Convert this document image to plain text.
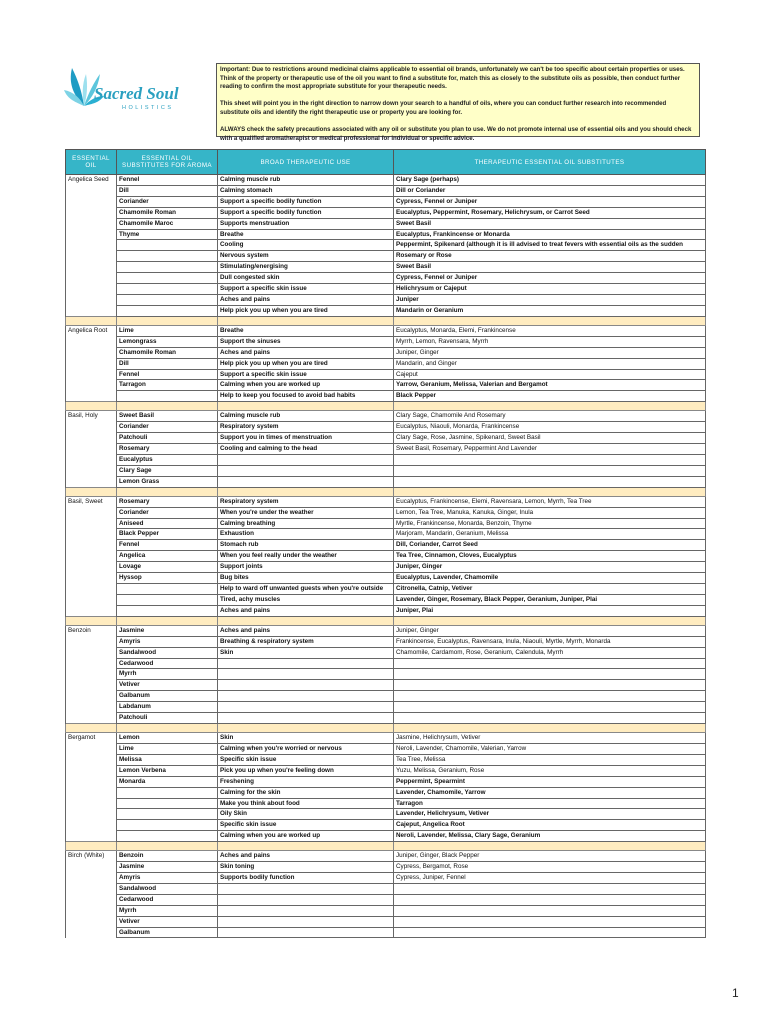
Sacred Soul
HOLISTICS

Important: Due to restrictions around medicinal claims applicable to essential oil brands, unfortunately we can't be too specific about certain properties or uses. Think of the property or therapeutic use of the oil you want to find a substitute for, match this as closely to the substitute oils as possible, then conduct further reading to confirm the most appropriate substitute for your therapeutic needs.

This sheet will point you in the right direction to narrow down your search to a handful of oils, where you can conduct further research into recommended substitute oils and identify the right therapeutic use or property you are looking for.

ALWAYS check the safety precautions associated with any oil or substitute you plan to use. We do not promote internal use of essential oils and you should check with a qualified aromatherapist or medical professional for individual or specific advice.

ESSENTIAL OIL	ESSENTIAL OIL SUBSTITUTES FOR AROMA	BROAD THERAPEUTIC USE	THERAPEUTIC ESSENTIAL OIL SUBSTITUTES
Angelica Seed	Fennel	Calming muscle rub	Clary Sage (perhaps)
	Dill	Calming stomach	Dill or Coriander
	Coriander	Support a specific bodily function	Cypress, Fennel or Juniper
	Chamomile Roman	Support a specific bodily function	Eucalyptus, Peppermint, Rosemary, Helichrysum, or Carrot Seed
	Chamomile Maroc	Supports menstruation	Sweet Basil
	Thyme	Breathe	Eucalyptus, Frankincense or Monarda
		Cooling	Peppermint, Spikenard (although it is ill advised to treat fevers with essential oils as the sudden
		Nervous system	Rosemary or Rose
		Stimulating/energising	Sweet Basil
		Dull congested skin	Cypress, Fennel or Juniper
		Support a specific skin issue	Helichrysum or Cajeput
		Aches and pains	Juniper
		Help pick you up when you are tired	Mandarin or Geranium

Angelica Root	Lime	Breathe	Eucalyptus, Monarda, Elemi, Frankincense
	Lemongrass	Support the sinuses	Myrrh, Lemon, Ravensara, Myrrh
	Chamomile Roman	Aches and pains	Juniper, Ginger
	Dill	Help pick you up when you are tired	Mandarin, and Ginger
	Fennel	Support a specific skin issue	Cajeput
	Tarragon	Calming when you are worked up	Yarrow, Geranium, Melissa, Valerian and Bergamot
		Help to keep you focused to avoid bad habits	Black Pepper

Basil, Holy	Sweet Basil	Calming muscle rub	Clary Sage, Chamomile And Rosemary
	Coriander	Respiratory system	Eucalyptus, Niaouli, Monarda, Frankincense
	Patchouli	Support you in times of menstruation	Clary Sage, Rose, Jasmine, Spikenard, Sweet Basil
	Rosemary	Cooling and calming to the head	Sweet Basil, Rosemary, Peppermint And Lavender
	Eucalyptus		
	Clary Sage		
	Lemon Grass		

Basil, Sweet	Rosemary	Respiratory system	Eucalyptus, Frankincense, Elemi, Ravensara, Lemon, Myrrh, Tea Tree
	Coriander	When you're under the weather	Lemon, Tea Tree, Manuka, Kanuka, Ginger, Inula
	Aniseed	Calming breathing	Myrtle, Frankincense, Monarda, Benzoin, Thyme
	Black Pepper	Exhaustion	Marjoram, Mandarin, Geranium, Melissa
	Fennel	Stomach rub	Dill, Coriander, Carrot Seed
	Angelica	When you feel really under the weather	Tea Tree, Cinnamon, Cloves, Eucalyptus
	Lovage	Support joints	Juniper, Ginger
	Hyssop	Bug bites	Eucalyptus, Lavender, Chamomile
		Help to ward off unwanted guests when you're outside	Citronella, Catnip, Vetiver
		Tired, achy muscles	Lavender, Ginger, Rosemary, Black Pepper, Geranium, Juniper, Plai
		Aches and pains	Juniper, Plai

Benzoin	Jasmine	Aches and pains	Juniper, Ginger
	Amyris	Breathing & respiratory system	Frankincense, Eucalyptus, Ravensara, Inula, Niaouli, Myrtle, Myrrh, Monarda
	Sandalwood	Skin	Chamomile, Cardamom, Rose, Geranium, Calendula, Myrrh
	Cedarwood		
	Myrrh		
	Vetiver		
	Galbanum		
	Labdanum		
	Patchouli		

Bergamot	Lemon	Skin	Jasmine, Helichrysum, Vetiver
	Lime	Calming when you're worried or nervous	Neroli, Lavender, Chamomile, Valerian, Yarrow
	Melissa	Specific skin issue	Tea Tree, Melissa
	Lemon Verbena	Pick you up when you're feeling down	Yuzu, Melissa, Geranium, Rose
	Monarda	Freshening	Peppermint, Spearmint
		Calming for the skin	Lavender, Chamomile, Yarrow
		Make you think about food	Tarragon
		Oily Skin	Lavender, Helichrysum, Vetiver
		Specific skin issue	Cajeput, Angelica Root
		Calming when you are worked up	Neroli, Lavender, Melissa, Clary Sage, Geranium

Birch (White)	Benzoin	Aches and pains	Juniper, Ginger, Black Pepper
	Jasmine	Skin toning	Cypress, Bergamot, Rose
	Amyris	Supports bodily function	Cypress, Juniper, Fennel
	Sandalwood		
	Cedarwood		
	Myrrh		
	Vetiver		
	Galbanum		
1
